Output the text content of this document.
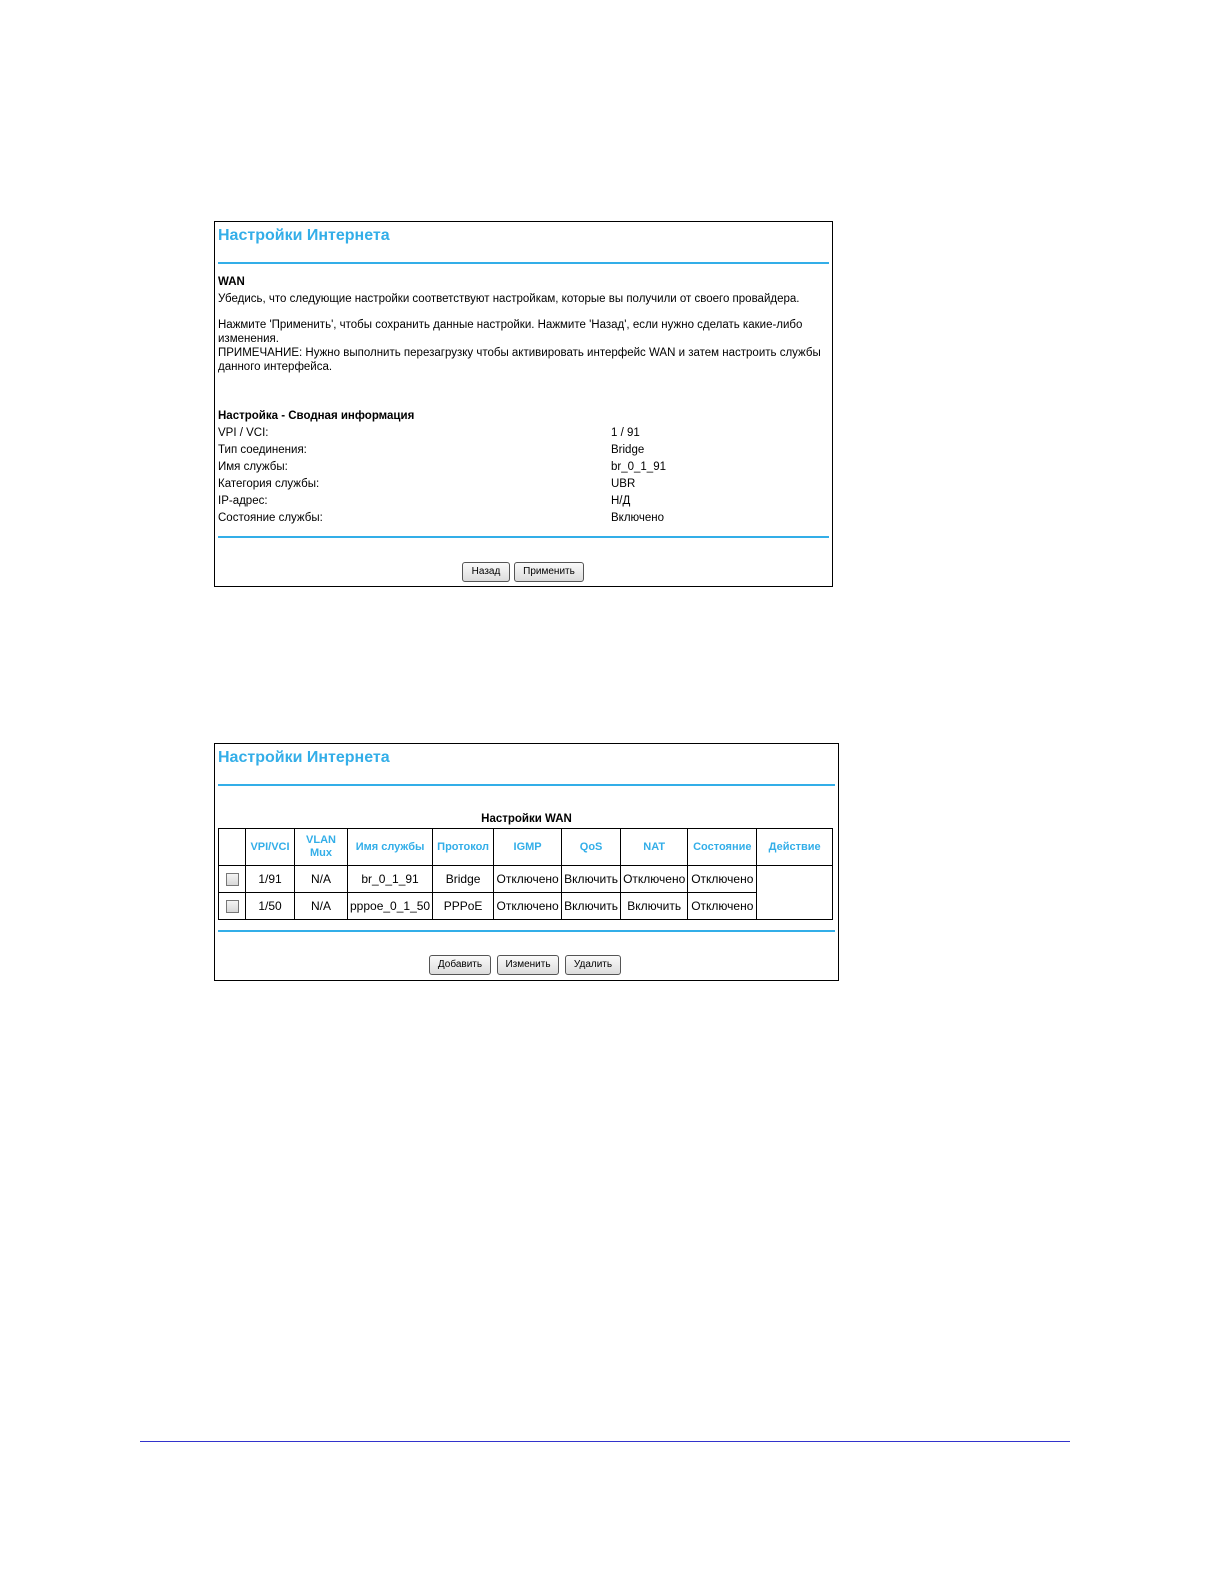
Настройки Интернета
WAN
Убедись, что следующие настройки соответствуют настройкам, которые вы получили от своего провайдера.
Нажмите 'Применить', чтобы сохранить данные настройки. Нажмите 'Назад', если нужно сделать какие-либо
изменения.
ПРИМЕЧАНИЕ: Нужно выполнить перезагрузку чтобы активировать интерфейс WAN и затем настроить службы
данного интерфейса.
Настройка - Сводная информация
VPI / VCI:	1 / 91
Тип соединения:	Bridge
Имя службы:	br_0_1_91
Категория службы:	UBR
IP-адрес:	Н/Д
Состояние службы:	Включено
Назад	Применить
Настройки Интернета
Настройки WAN
	VPI/VCI	VLAN Mux	Имя службы	Протокол	IGMP	QoS	NAT	Состояние	Действие
	1/91	N/A	br_0_1_91	Bridge	Отключено	Включить	Отключено	Отключено	
	1/50	N/A	pppoe_0_1_50	PPPoE	Отключено	Включить	Включить	Отключено	
Добавить	Изменить	Удалить
